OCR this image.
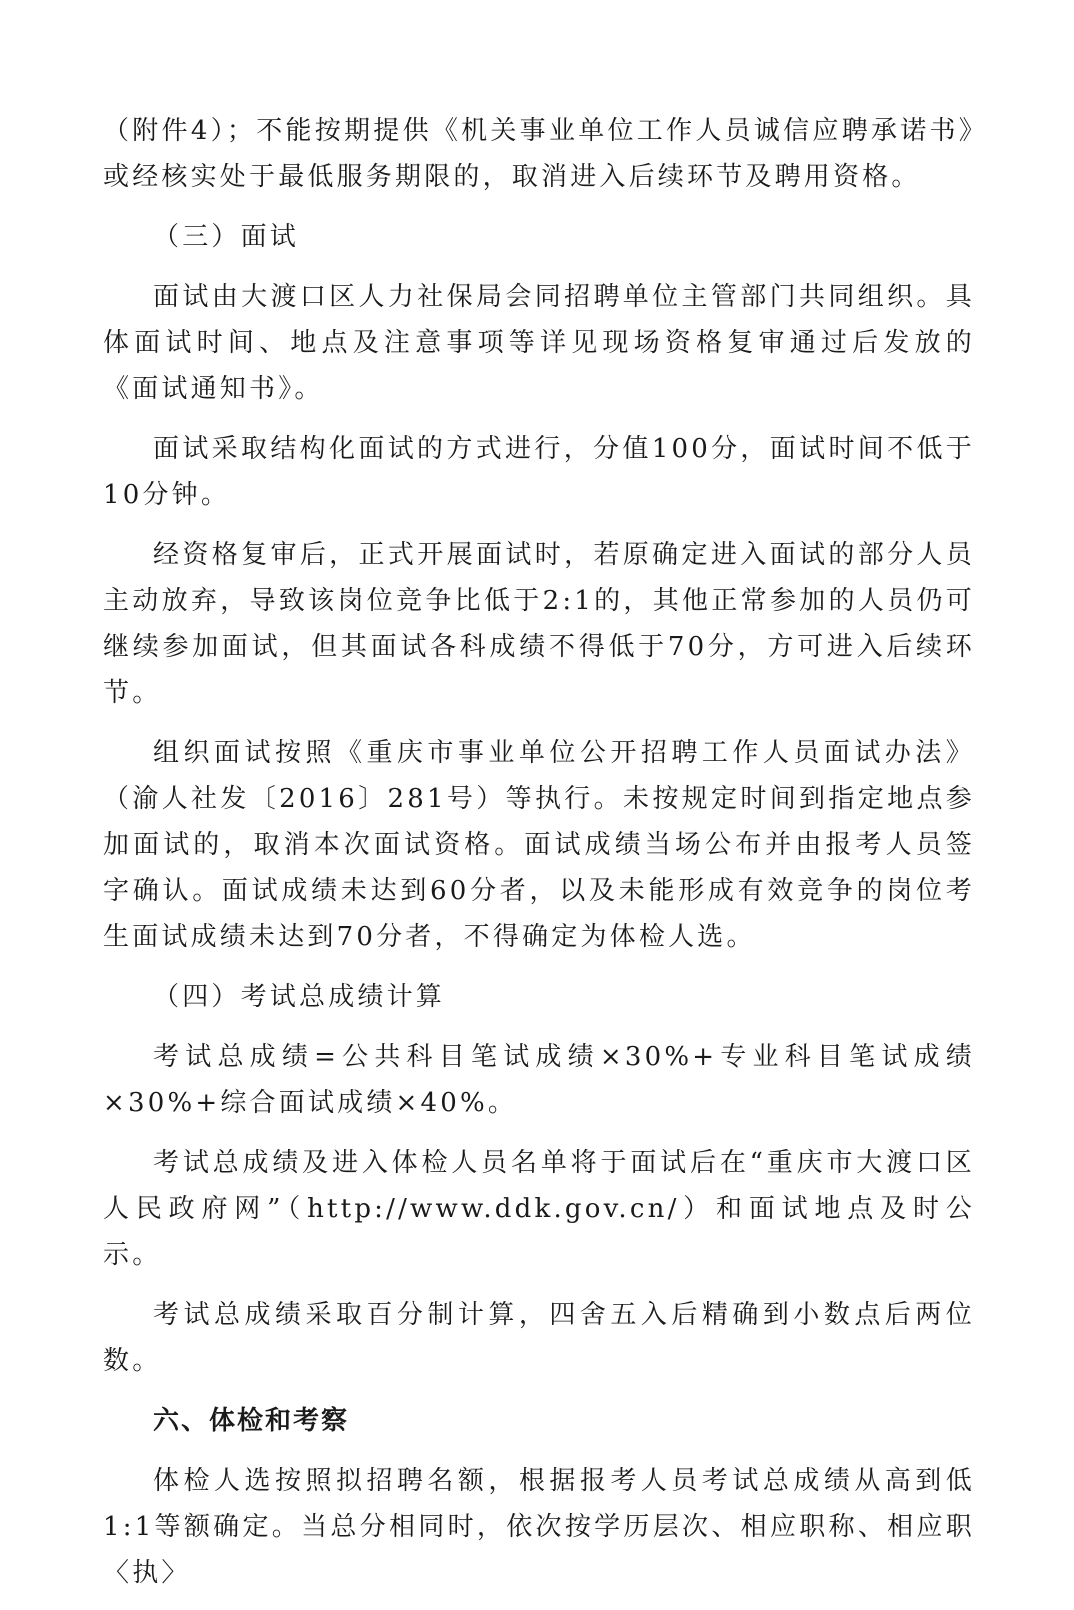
（附件4）；不能按期提供《机关事业单位工作人员诚信应聘承诺书》或经核实处于最低服务期限的，取消进入后续环节及聘用资格。

（三）面试

面试由大渡口区人力社保局会同招聘单位主管部门共同组织。具体面试时间、地点及注意事项等详见现场资格复审通过后发放的《面试通知书》。

面试采取结构化面试的方式进行，分值100分，面试时间不低于10分钟。

经资格复审后，正式开展面试时，若原确定进入面试的部分人员主动放弃，导致该岗位竞争比低于2:1的，其他正常参加的人员仍可继续参加面试，但其面试各科成绩不得低于70分，方可进入后续环节。

组织面试按照《重庆市事业单位公开招聘工作人员面试办法》（渝人社发〔2016〕281号）等执行。未按规定时间到指定地点参加面试的，取消本次面试资格。面试成绩当场公布并由报考人员签字确认。面试成绩未达到60分者，以及未能形成有效竞争的岗位考生面试成绩未达到70分者，不得确定为体检人选。

（四）考试总成绩计算

考试总成绩=公共科目笔试成绩×30%+专业科目笔试成绩×30%+综合面试成绩×40%。

考试总成绩及进入体检人员名单将于面试后在“重庆市大渡口区人民政府网”（http://www.ddk.gov.cn/）和面试地点及时公示。

考试总成绩采取百分制计算，四舍五入后精确到小数点后两位数。

六、体检和考察

体检人选按照拟招聘名额，根据报考人员考试总成绩从高到低1:1等额确定。当总分相同时，依次按学历层次、相应职称、相应职〈执〉
